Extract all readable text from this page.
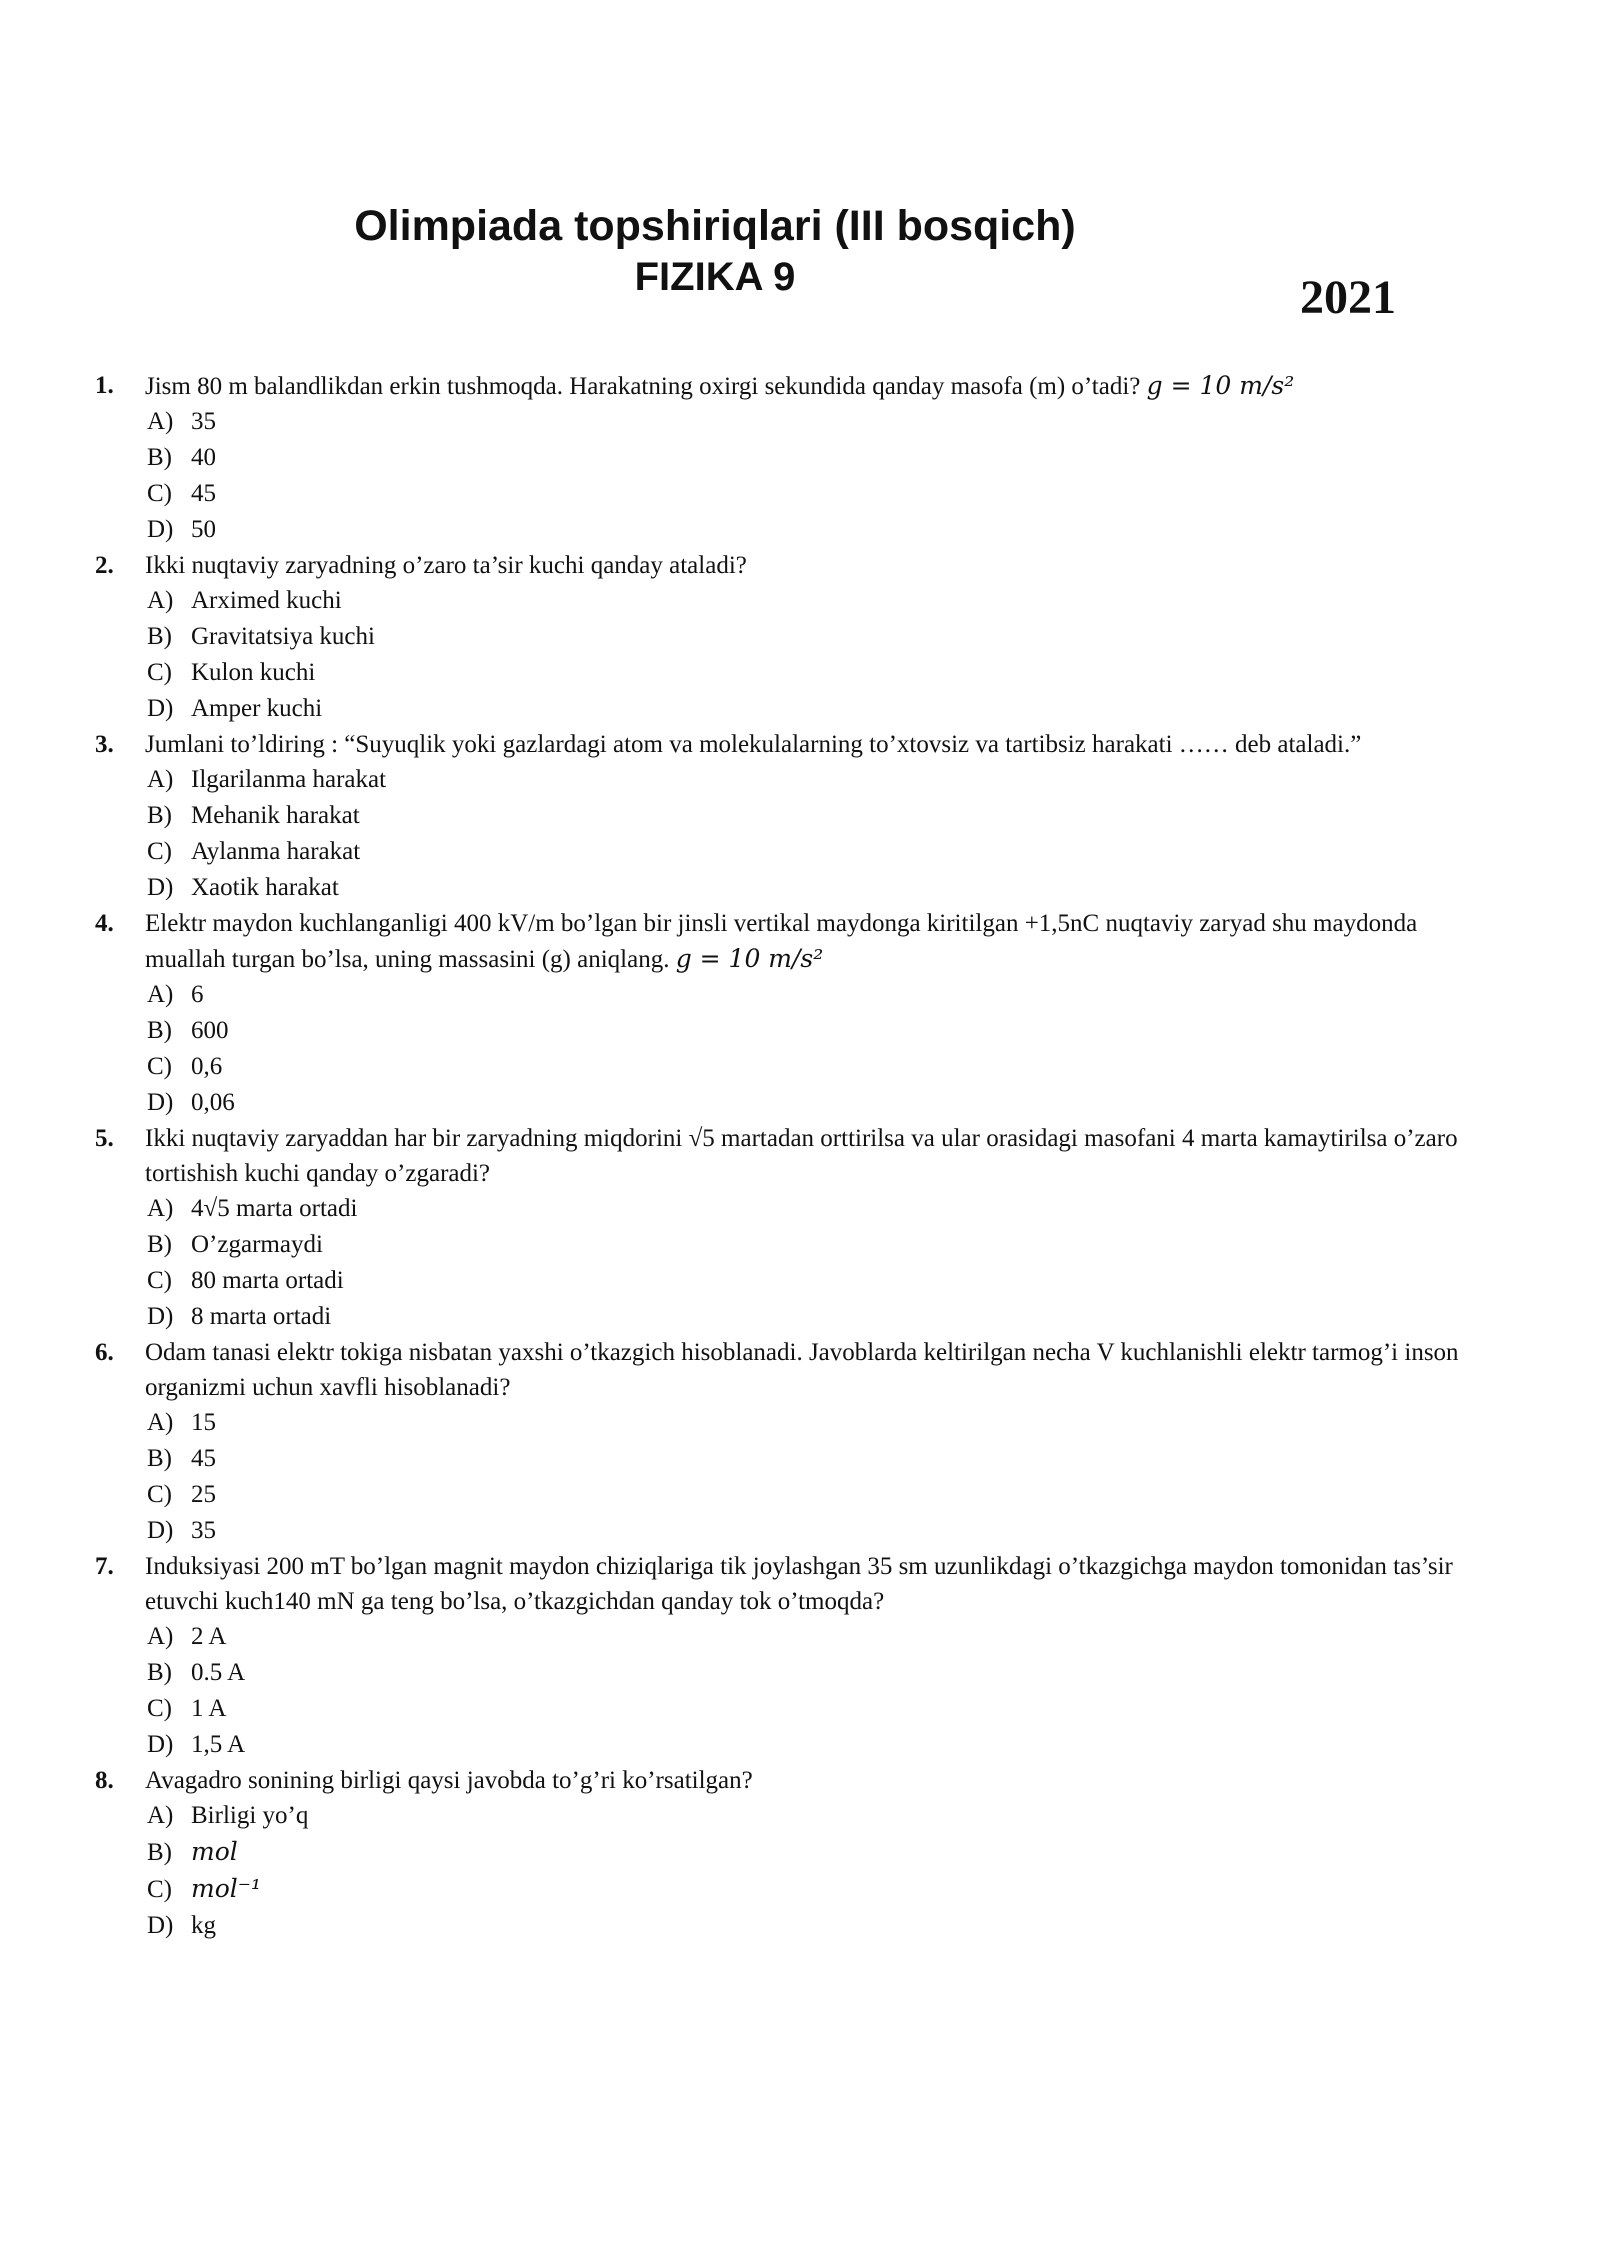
Olimpiada topshiriqlari (III bosqich)
FIZIKA 9	2021
1.	Jism 80 m balandlikdan erkin tushmoqda. Harakatning oxirgi sekundida qanday masofa (m) o’tadi? g = 10 m/s²
A) 35
B) 40
C) 45
D) 50
2.	Ikki nuqtaviy zaryadning o’zaro ta’sir kuchi qanday ataladi?
A) Arximed kuchi
B) Gravitatsiya kuchi
C) Kulon kuchi
D) Amper kuchi
3.	Jumlani to’ldiring : “Suyuqlik yoki gazlardagi atom va molekulalarning to’xtovsiz va tartibsiz harakati …… deb ataladi.”
A) Ilgarilanma harakat
B) Mehanik harakat
C) Aylanma harakat
D) Xaotik harakat
4.	Elektr maydon kuchlanganligi 400 kV/m bo’lgan bir jinsli vertikal maydonga kiritilgan +1,5nC nuqtaviy zaryad shu maydonda muallah turgan bo’lsa, uning massasini (g) aniqlang. g = 10 m/s²
A) 6
B) 600
C) 0,6
D) 0,06
5.	Ikki nuqtaviy zaryaddan har bir zaryadning miqdorini √5 martadan orttirilsa va ular orasidagi masofani 4 marta kamaytirilsa o’zaro tortishish kuchi qanday o’zgaradi?
A) 4√5 marta ortadi
B) O’zgarmaydi
C) 80 marta ortadi
D) 8 marta ortadi
6.	Odam tanasi elektr tokiga nisbatan yaxshi o’tkazgich hisoblanadi. Javoblarda keltirilgan necha V kuchlanishli elektr tarmog’i inson organizmi uchun xavfli hisoblanadi?
A) 15
B) 45
C) 25
D) 35
7.	Induksiyasi 200 mT bo’lgan magnit maydon chiziqlariga tik joylashgan 35 sm uzunlikdagi o’tkazgichga maydon tomonidan tas’sir etuvchi kuch140 mN ga teng bo’lsa, o’tkazgichdan qanday tok o’tmoqda?
A) 2 A
B) 0.5 A
C) 1 A
D) 1,5 A
8.	Avagadro sonining birligi qaysi javobda to’g’ri ko’rsatilgan?
A) Birligi yo’q
B) mol
C) mol⁻¹
D) kg
